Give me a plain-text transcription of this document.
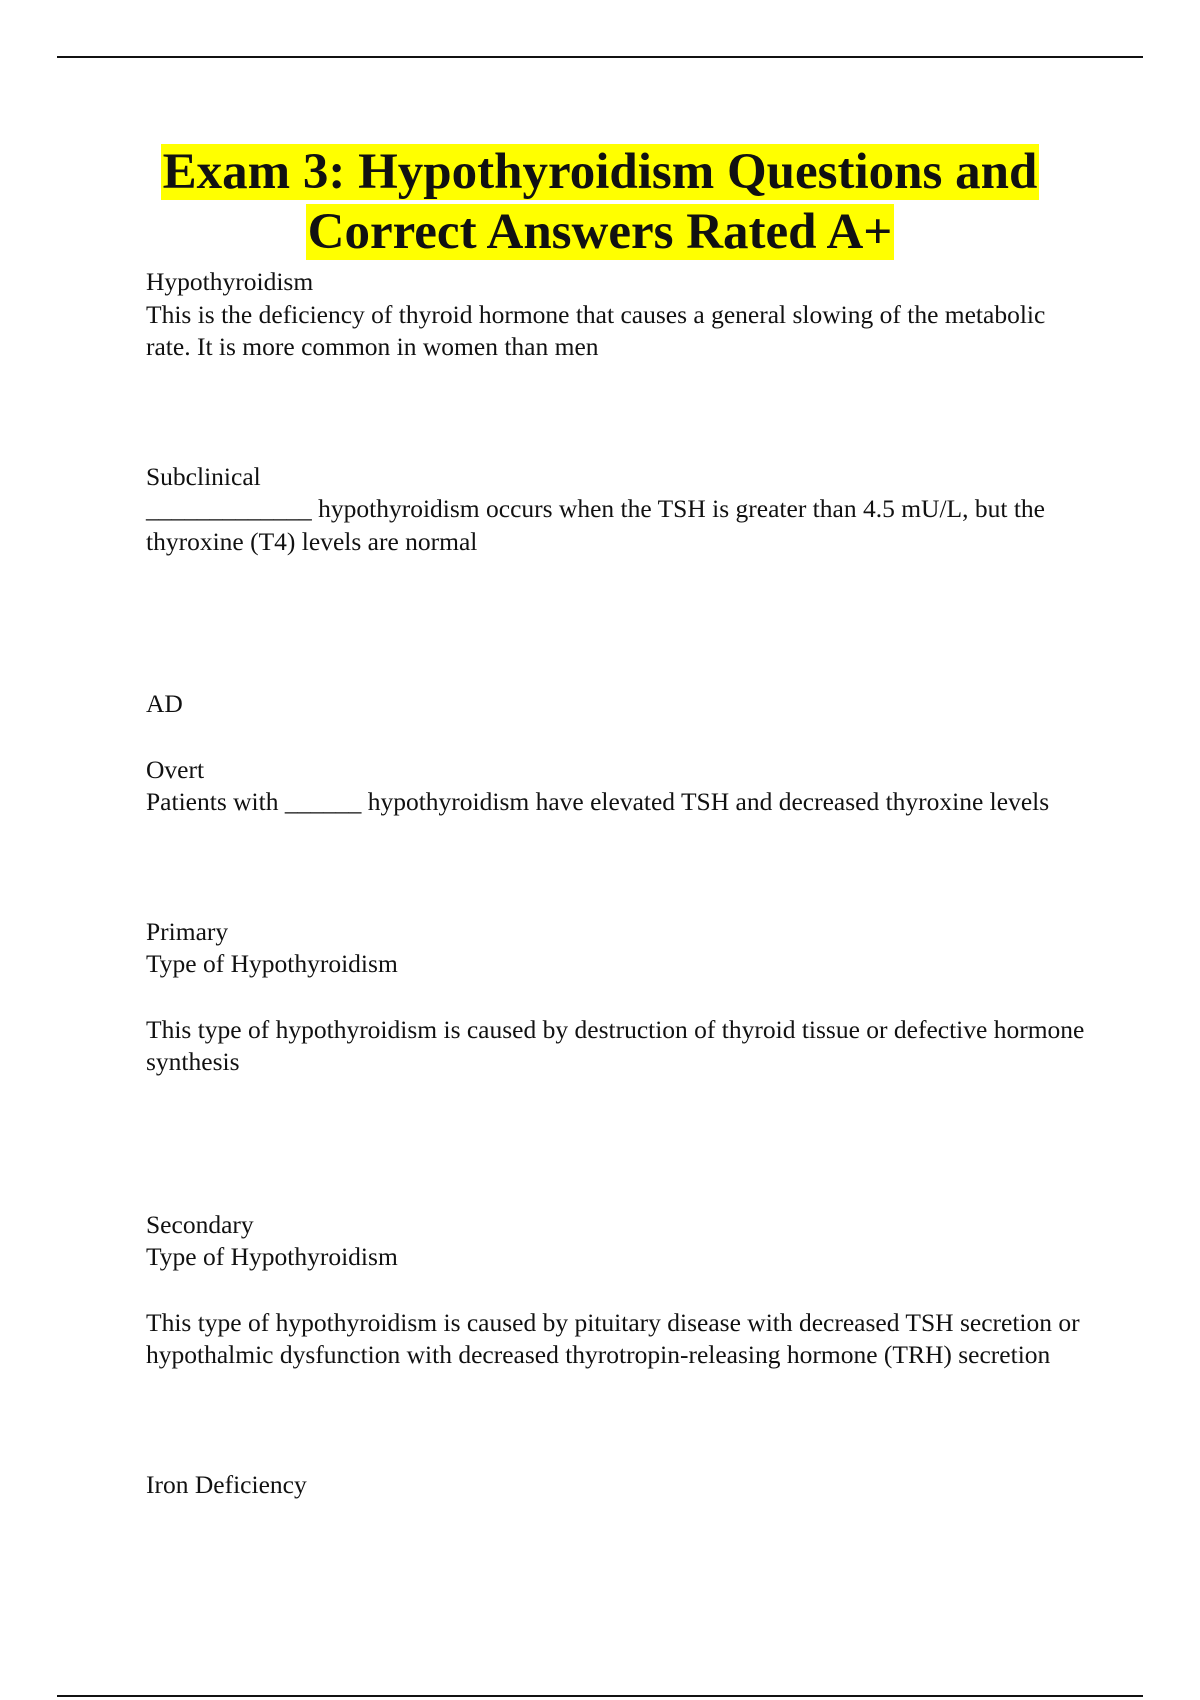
Exam 3: Hypothyroidism Questions and
Correct Answers Rated A+

Hypothyroidism

This is the deficiency of thyroid hormone that causes a general slowing of the metabolic rate. It is more common in women than men

Subclinical

_____________ hypothyroidism occurs when the TSH is greater than 4.5 mU/L, but the thyroxine (T4) levels are normal

AD

Overt

Patients with ______ hypothyroidism have elevated TSH and decreased thyroxine levels

Primary

Type of Hypothyroidism

This type of hypothyroidism is caused by destruction of thyroid tissue or defective hormone synthesis

Secondary

Type of Hypothyroidism

This type of hypothyroidism is caused by pituitary disease with decreased TSH secretion or hypothalmic dysfunction with decreased thyrotropin-releasing hormone (TRH) secretion

Iron Deficiency
